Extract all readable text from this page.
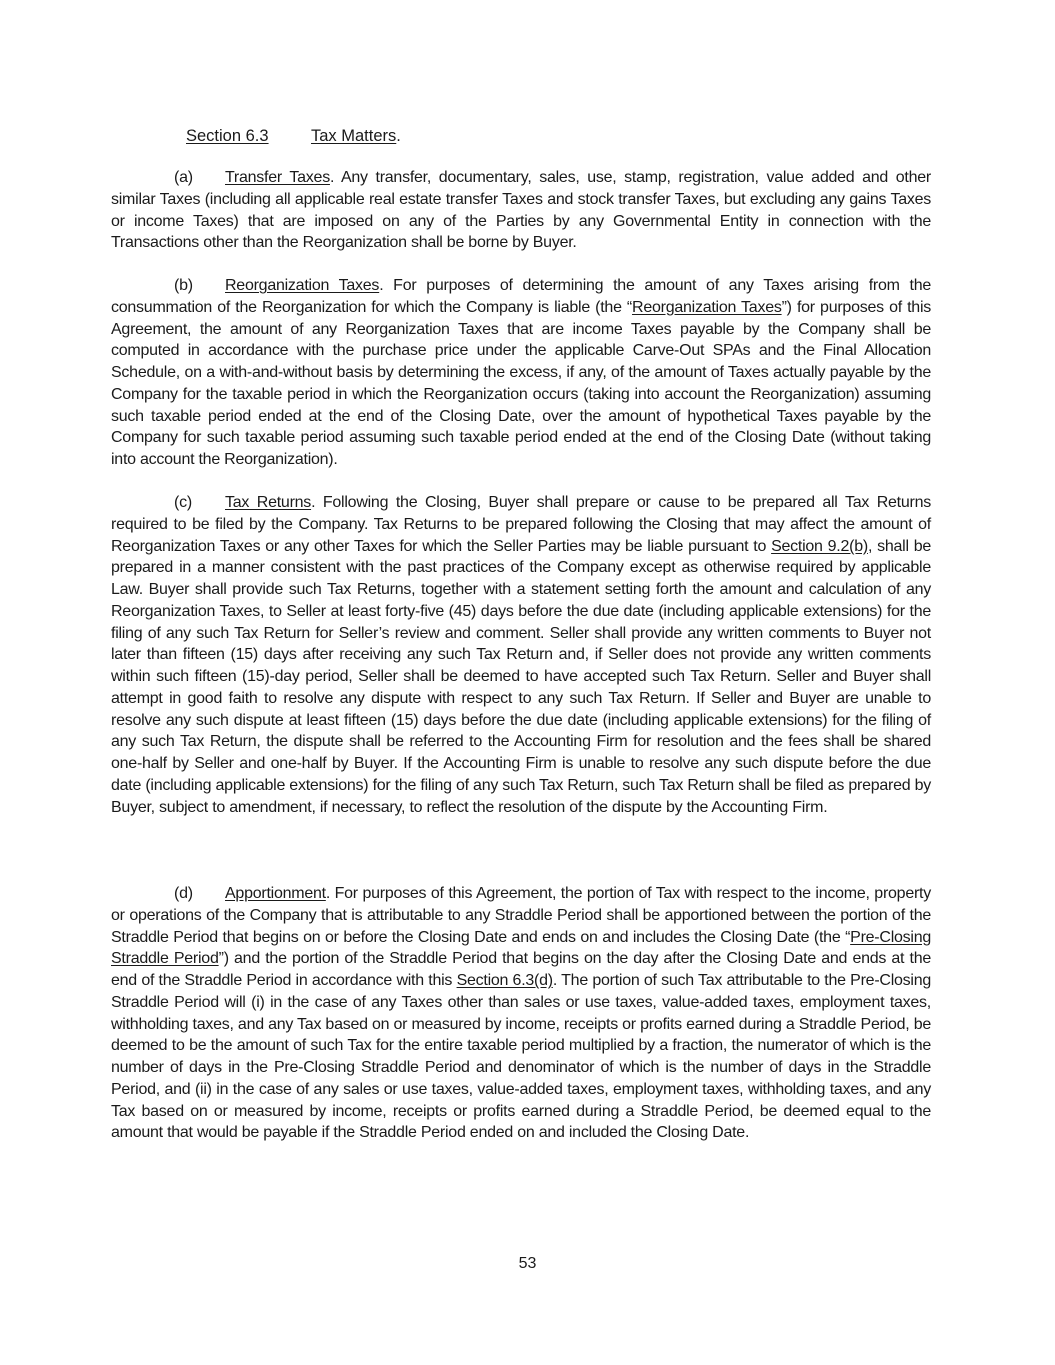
Section 6.3	Tax Matters.
(a) Transfer Taxes. Any transfer, documentary, sales, use, stamp, registration, value added and other similar Taxes (including all applicable real estate transfer Taxes and stock transfer Taxes, but excluding any gains Taxes or income Taxes) that are imposed on any of the Parties by any Governmental Entity in connection with the Transactions other than the Reorganization shall be borne by Buyer.
(b) Reorganization Taxes. For purposes of determining the amount of any Taxes arising from the consummation of the Reorganization for which the Company is liable (the “Reorganization Taxes”) for purposes of this Agreement, the amount of any Reorganization Taxes that are income Taxes payable by the Company shall be computed in accordance with the purchase price under the applicable Carve-Out SPAs and the Final Allocation Schedule, on a with-and-without basis by determining the excess, if any, of the amount of Taxes actually payable by the Company for the taxable period in which the Reorganization occurs (taking into account the Reorganization) assuming such taxable period ended at the end of the Closing Date, over the amount of hypothetical Taxes payable by the Company for such taxable period assuming such taxable period ended at the end of the Closing Date (without taking into account the Reorganization).
(c) Tax Returns. Following the Closing, Buyer shall prepare or cause to be prepared all Tax Returns required to be filed by the Company. Tax Returns to be prepared following the Closing that may affect the amount of Reorganization Taxes or any other Taxes for which the Seller Parties may be liable pursuant to Section 9.2(b), shall be prepared in a manner consistent with the past practices of the Company except as otherwise required by applicable Law. Buyer shall provide such Tax Returns, together with a statement setting forth the amount and calculation of any Reorganization Taxes, to Seller at least forty-five (45) days before the due date (including applicable extensions) for the filing of any such Tax Return for Seller’s review and comment. Seller shall provide any written comments to Buyer not later than fifteen (15) days after receiving any such Tax Return and, if Seller does not provide any written comments within such fifteen (15)-day period, Seller shall be deemed to have accepted such Tax Return. Seller and Buyer shall attempt in good faith to resolve any dispute with respect to any such Tax Return. If Seller and Buyer are unable to resolve any such dispute at least fifteen (15) days before the due date (including applicable extensions) for the filing of any such Tax Return, the dispute shall be referred to the Accounting Firm for resolution and the fees shall be shared one-half by Seller and one-half by Buyer. If the Accounting Firm is unable to resolve any such dispute before the due date (including applicable extensions) for the filing of any such Tax Return, such Tax Return shall be filed as prepared by Buyer, subject to amendment, if necessary, to reflect the resolution of the dispute by the Accounting Firm.
(d) Apportionment. For purposes of this Agreement, the portion of Tax with respect to the income, property or operations of the Company that is attributable to any Straddle Period shall be apportioned between the portion of the Straddle Period that begins on or before the Closing Date and ends on and includes the Closing Date (the “Pre-Closing Straddle Period”) and the portion of the Straddle Period that begins on the day after the Closing Date and ends at the end of the Straddle Period in accordance with this Section 6.3(d). The portion of such Tax attributable to the Pre-Closing Straddle Period will (i) in the case of any Taxes other than sales or use taxes, value-added taxes, employment taxes, withholding taxes, and any Tax based on or measured by income, receipts or profits earned during a Straddle Period, be deemed to be the amount of such Tax for the entire taxable period multiplied by a fraction, the numerator of which is the number of days in the Pre-Closing Straddle Period and denominator of which is the number of days in the Straddle Period, and (ii) in the case of any sales or use taxes, value-added taxes, employment taxes, withholding taxes, and any Tax based on or measured by income, receipts or profits earned during a Straddle Period, be deemed equal to the amount that would be payable if the Straddle Period ended on and included the Closing Date.
53
